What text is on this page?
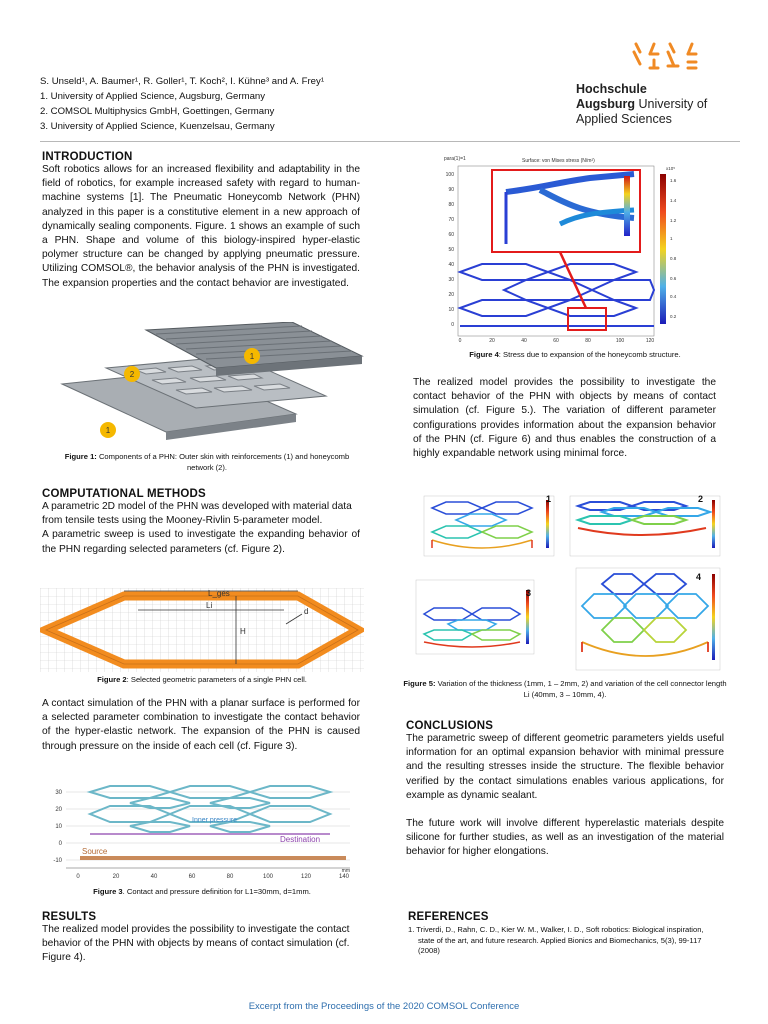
S. Unseld¹, A. Baumer¹, R. Goller¹, T. Koch², I. Kühne³ and A. Frey¹
1. University of Applied Science, Augsburg, Germany
2. COMSOL Multiphysics GmbH, Goettingen, Germany
3. University of Applied Science, Kuenzelsau, Germany
Hochschule
Augsburg University of
Applied Sciences
INTRODUCTION
Soft robotics allows for an increased flexibility and adaptability in the field of robotics, for example increased safety with regard to human-machine systems [1]. The Pneumatic Honeycomb Network (PHN) analyzed in this paper is a constitutive element in a new approach of dynamically sealing components. Figure. 1 shows an example of such a PHN. Shape and volume of this biology-inspired hyper-elastic polymer structure can be changed by applying pneumatic pressure. Utilizing COMSOL®, the behavior analysis of the PHN is investigated. The expansion properties and the contact behavior are investigated.
1
2
1
Figure 1: Components of a PHN: Outer skin with reinforcements (1) and honeycomb network (2).
COMPUTATIONAL METHODS
A parametric 2D model of the PHN was developed with material data from tensile tests using the Mooney-Rivlin 5-parameter model.
A parametric sweep is used to investigate the expanding behavior of the PHN regarding selected parameters (cf. Figure 2).
L_ges
Li
H
d
Figure 2: Selected geometric parameters of a single PHN cell.
A contact simulation of the PHN with a planar surface is performed for a selected parameter combination to investigate the contact behavior of the hyper-elastic network. The expansion of the PHN is caused through pressure on the inside of each cell (cf. Figure 3).
30
20
10
0
-10
Inner pressure
Destination
Source
0	20	40	60	80	100	120	140
mm
Figure 3. Contact and pressure definition for L1=30mm, d=1mm.
RESULTS
The realized model provides the possibility to investigate the contact behavior of the PHN with objects by means of contact simulation (cf. Figure 4).
para(1)=1	Surface: von Mises stress (N/m²)
100
90
80
70
60
50
40
30
20
10
0
x10⁵
1.6
1.4
1.2
1
0.8
0.6
0.4
0.2
0	20	40	60	80	100	120
Figure 4: Stress due to expansion of the honeycomb structure.
The realized model provides the possibility to investigate the contact behavior of the PHN with objects by means of contact simulation (cf. Figure 5.). The variation of different parameter configurations provides information about the expansion behavior of the PHN (cf. Figure 6) and thus enables the construction of a highly expandable network using minimal force.
1	2
3
4
Figure 5: Variation of the thickness (1mm, 1 – 2mm, 2) and variation of the cell connector length Li (40mm, 3 – 10mm, 4).
CONCLUSIONS
The parametric sweep of different geometric parameters yields useful information for an optimal expansion behavior with minimal pressure and the resulting stresses inside the structure. The flexible behavior verified by the contact simulations enables various applications, for example as dynamic sealant.
The future work will involve different hyperelastic materials despite silicone for further studies, as well as an investigation of the material behavior for higher elongations.
REFERENCES
1. Triverdi, D., Rahn, C. D., Kier W. M., Walker, I. D., Soft robotics: Biological inspiration, state of the art, and future research. Applied Bionics and Biomechanics, 5(3), 99-117 (2008)
Excerpt from the Proceedings of the 2020 COMSOL Conference
